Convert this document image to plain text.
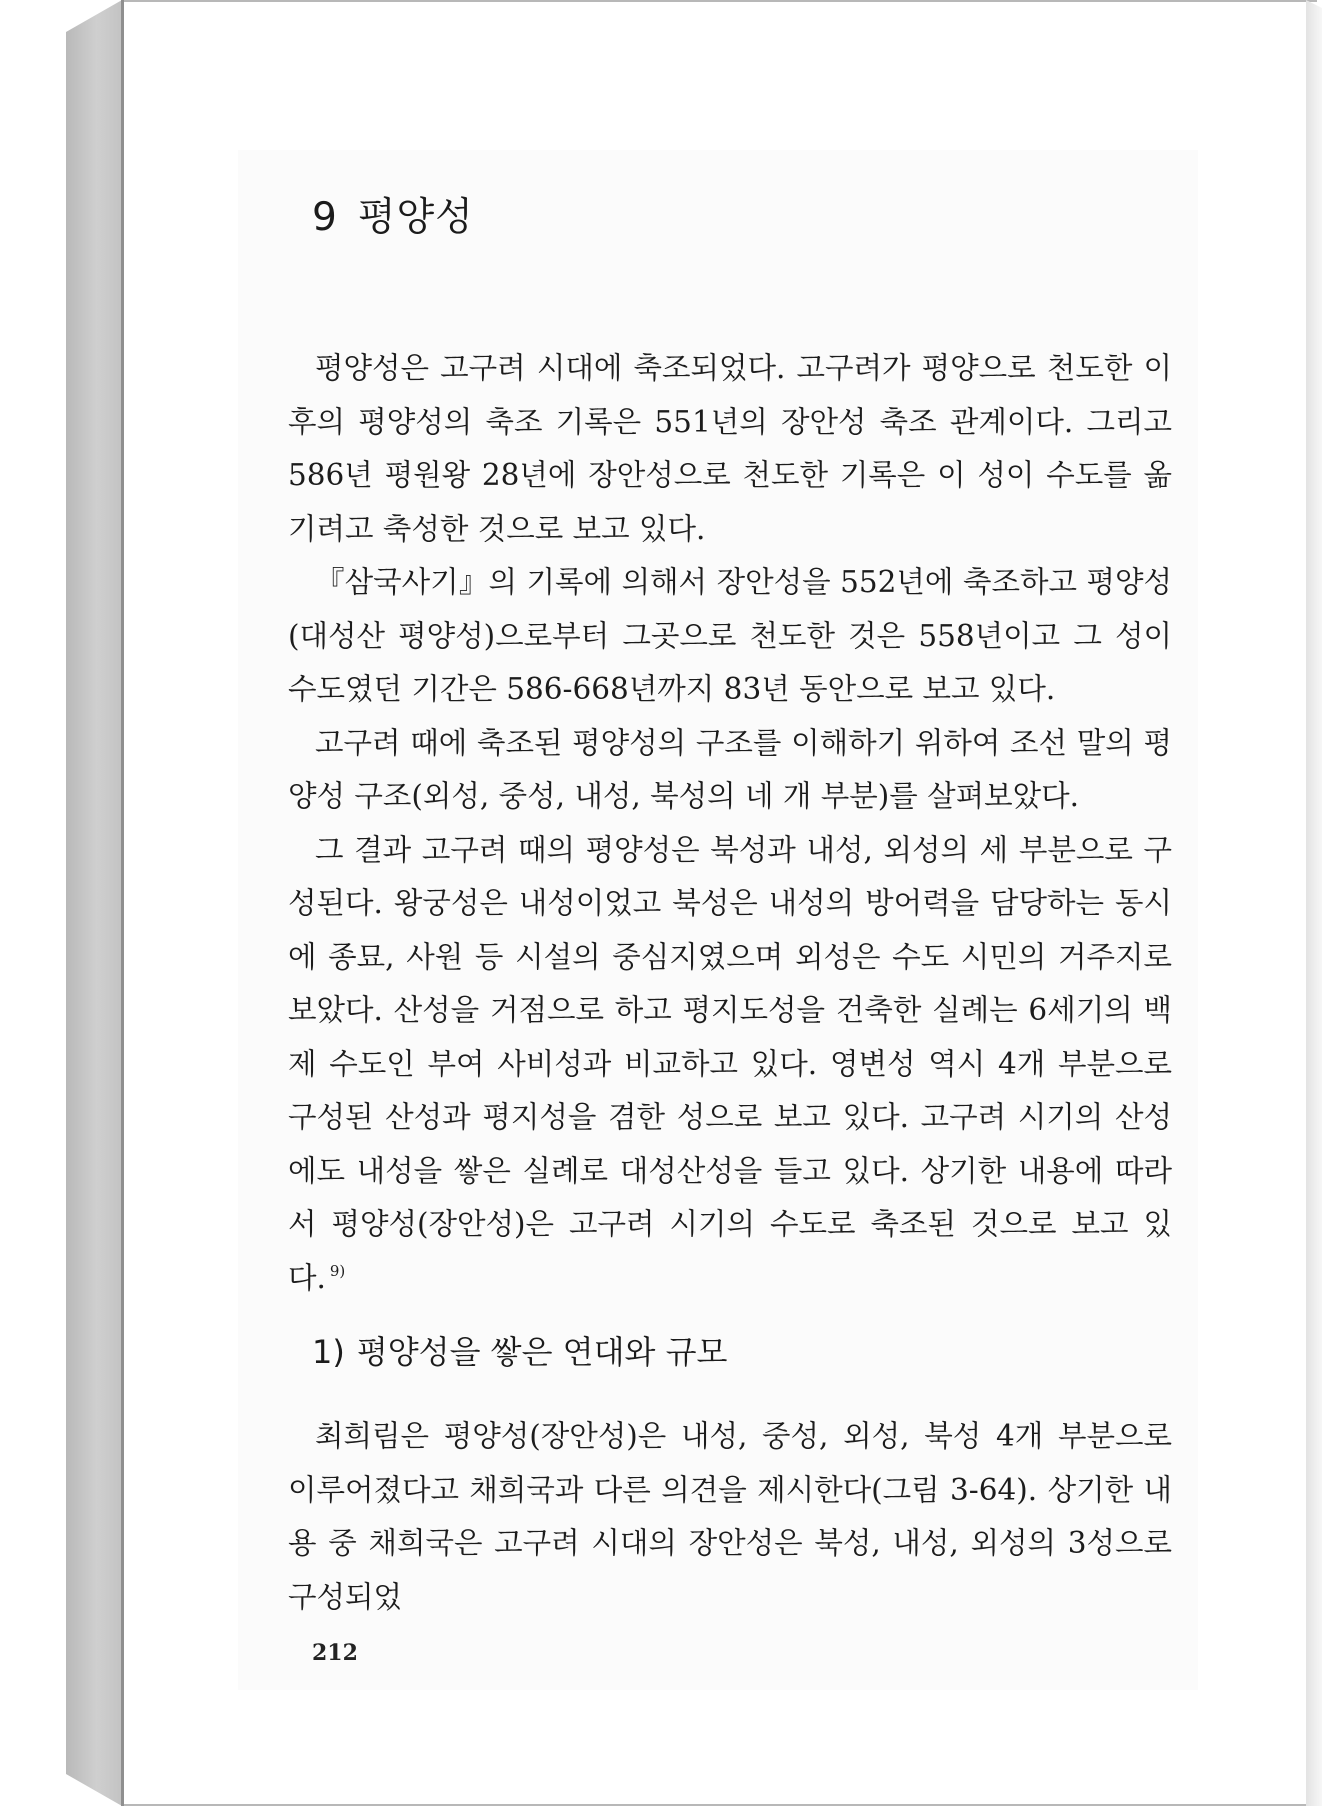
9 평양성

평양성은 고구려 시대에 축조되었다. 고구려가 평양으로 천도한 이후의 평양성의 축조 기록은 551년의 장안성 축조 관계이다. 그리고 586년 평원왕 28년에 장안성으로 천도한 기록은 이 성이 수도를 옮기려고 축성한 것으로 보고 있다.

『삼국사기』의 기록에 의해서 장안성을 552년에 축조하고 평양성(대성산 평양성)으로부터 그곳으로 천도한 것은 558년이고 그 성이 수도였던 기간은 586-668년까지 83년 동안으로 보고 있다.

고구려 때에 축조된 평양성의 구조를 이해하기 위하여 조선 말의 평양성 구조(외성, 중성, 내성, 북성의 네 개 부분)를 살펴보았다.

그 결과 고구려 때의 평양성은 북성과 내성, 외성의 세 부분으로 구성된다. 왕궁성은 내성이었고 북성은 내성의 방어력을 담당하는 동시에 종묘, 사원 등 시설의 중심지였으며 외성은 수도 시민의 거주지로 보았다. 산성을 거점으로 하고 평지도성을 건축한 실례는 6세기의 백제 수도인 부여 사비성과 비교하고 있다. 영변성 역시 4개 부분으로 구성된 산성과 평지성을 겸한 성으로 보고 있다. 고구려 시기의 산성에도 내성을 쌓은 실례로 대성산성을 들고 있다. 상기한 내용에 따라서 평양성(장안성)은 고구려 시기의 수도로 축조된 것으로 보고 있다. $^{9)}$

1) 평양성을 쌓은 연대와 규모

최희림은 평양성(장안성)은 내성, 중성, 외성, 북성 4개 부분으로 이루어졌다고 채희국과 다른 의견을 제시한다(그림 3-64). 상기한 내용 중 채희국은 고구려 시대의 장안성은 북성, 내성, 외성의 3성으로 구성되었

212
